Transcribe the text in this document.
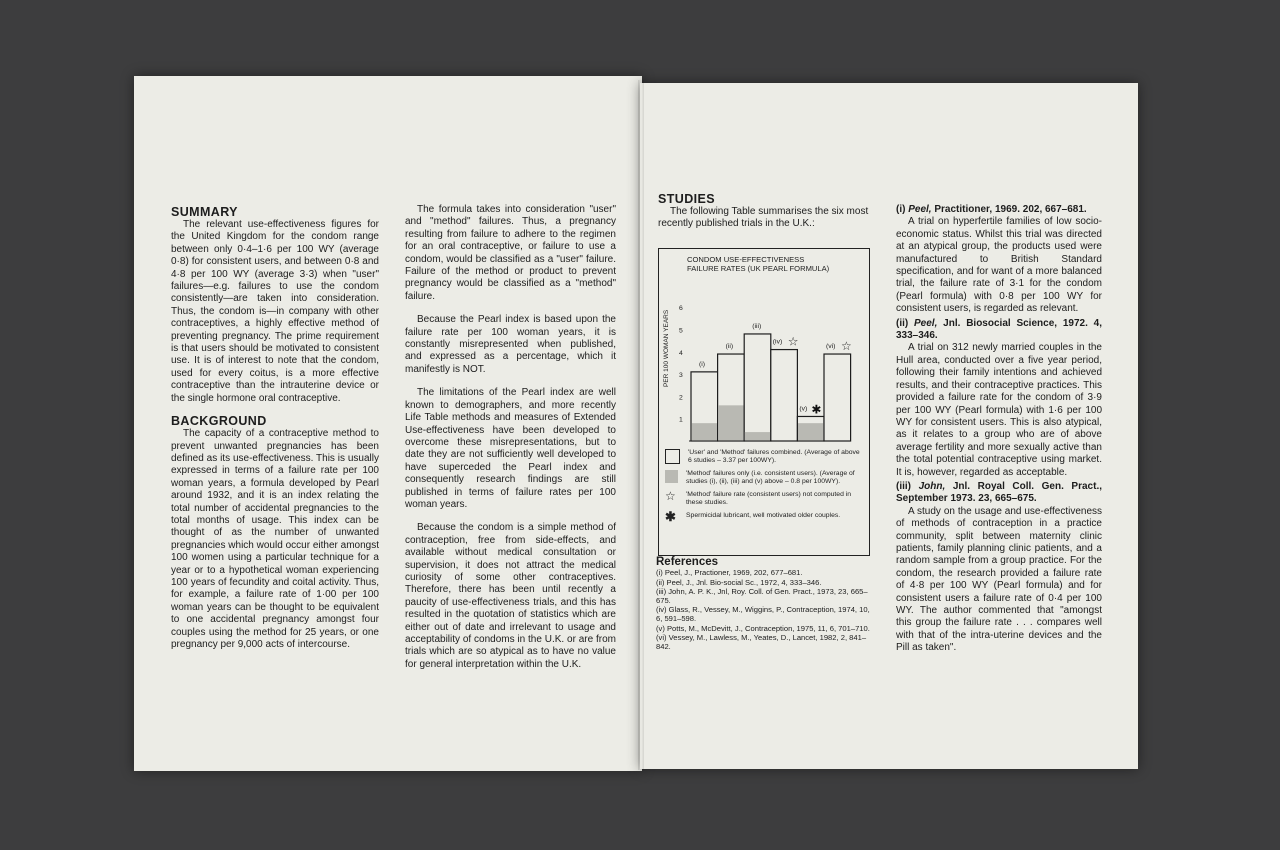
SUMMARY

The relevant use-effectiveness figures for the United Kingdom for the condom range between only 0·4–1·6 per 100 WY (average 0·8) for consistent users, and between 0·8 and 4·8 per 100 WY (average 3·3) when "user" failures—e.g. failures to use the condom consistently—are taken into consideration. Thus, the condom is—in company with other contraceptives, a highly effective method of preventing pregnancy. The prime requirement is that users should be motivated to consistent use. It is of interest to note that the condom, used for every coitus, is a more effective contraceptive than the intrauterine device or the single hormone oral contraceptive.

BACKGROUND

The capacity of a contraceptive method to prevent unwanted pregnancies has been defined as its use-effectiveness. This is usually expressed in terms of a failure rate per 100 woman years, a formula developed by Pearl around 1932, and it is an index relating the total number of accidental pregnancies to the total months of usage. This index can be thought of as the number of unwanted pregnancies which would occur either amongst 100 women using a particular technique for a year or to a hypothetical woman experiencing 100 years of fecundity and coital activity. Thus, for example, a failure rate of 1·00 per 100 woman years can be thought to be equivalent to one accidental pregnancy amongst four couples using the method for 25 years, or one pregnancy per 9,000 acts of intercourse.

The formula takes into consideration "user" and "method" failures. Thus, a pregnancy resulting from failure to adhere to the regimen for an oral contraceptive, or failure to use a condom, would be classified as a "user" failure. Failure of the method or product to prevent pregnancy would be classified as a "method" failure.

Because the Pearl index is based upon the failure rate per 100 woman years, it is constantly misrepresented when published, and expressed as a percentage, which it manifestly is NOT.

The limitations of the Pearl index are well known to demographers, and more recently Life Table methods and measures of Extended Use-effectiveness have been developed to overcome these misrepresentations, but to date they are not sufficiently well developed to have superceded the Pearl index and consequently research findings are still published in terms of failure rates per 100 woman years.

Because the condom is a simple method of contraception, free from side-effects, and available without medical consultation or supervision, it does not attract the medical curiosity of some other contraceptives. Therefore, there has been until recently a paucity of use-effectiveness trials, and this has resulted in the quotation of statistics which are either out of date and irrelevant to usage and acceptability of condoms in the U.K. or are from trials which are so atypical as to have no value for general interpretation within the U.K.

STUDIES

The following Table summarises the six most recently published trials in the U.K.:

CONDOM USE-EFFECTIVENESS
FAILURE RATES (UK PEARL FORMULA)
PER 100 WOMAN YEARS
1
2
3
4
5
6
(i)
(ii)
(iii)
(iv) ☆
(v) ✱
(vi) ☆
'User' and 'Method' failures combined. (Average of above 6 studies – 3.37 per 100WY).
'Method' failures only (i.e. consistent users). (Average of studies (i), (ii), (iii) and (v) above – 0.8 per 100WY).
☆	'Method' failure rate (consistent users) not computed in these studies.
✱	Spermicidal lubricant, well motivated older couples.

References

(i) Peel, J., Practioner, 1969, 202, 677–681.

(ii) Peel, J., Jnl. Bio-social Sc., 1972, 4, 333–346.

(iii) John, A. P. K., Jnl, Roy. Coll. of Gen. Pract., 1973, 23, 665–675.

(iv) Glass, R., Vessey, M., Wiggins, P., Contraception, 1974, 10, 6, 591–598.

(v) Potts, M., McDevitt, J., Contraception, 1975, 11, 6, 701–710.

(vi) Vessey, M., Lawless, M., Yeates, D., Lancet, 1982, 2, 841–842.

(i) Peel, Practitioner, 1969. 202, 667–681.

A trial on hyperfertile families of low socio-economic status. Whilst this trial was directed at an atypical group, the products used were manufactured to British Standard specification, and for want of a more balanced trial, the failure rate of 3·1 for the condom (Pearl formula) with 0·8 per 100 WY for consistent users, is regarded as relevant.

(ii) Peel, Jnl. Biosocial Science, 1972. 4, 333–346.

A trial on 312 newly married couples in the Hull area, conducted over a five year period, following their family intentions and achieved results, and their contraceptive practices. This provided a failure rate for the condom of 3·9 per 100 WY (Pearl formula) with 1·6 per 100 WY for consistent users. This is also atypical, as it relates to a group who are of above average fertility and more sexually active than the total potential contraceptive using market. It is, however, regarded as acceptable.

(iii) John, Jnl. Royal Coll. Gen. Pract., September 1973. 23, 665–675.

A study on the usage and use-effectiveness of methods of contraception in a practice community, split between maternity clinic patients, family planning clinic patients, and a random sample from a group practice. For the condom, the research provided a failure rate of 4·8 per 100 WY (Pearl formula) and for consistent users a failure rate of 0·4 per 100 WY. The author commented that "amongst this group the failure rate . . . compares well with that of the intra-uterine devices and the Pill as taken".
